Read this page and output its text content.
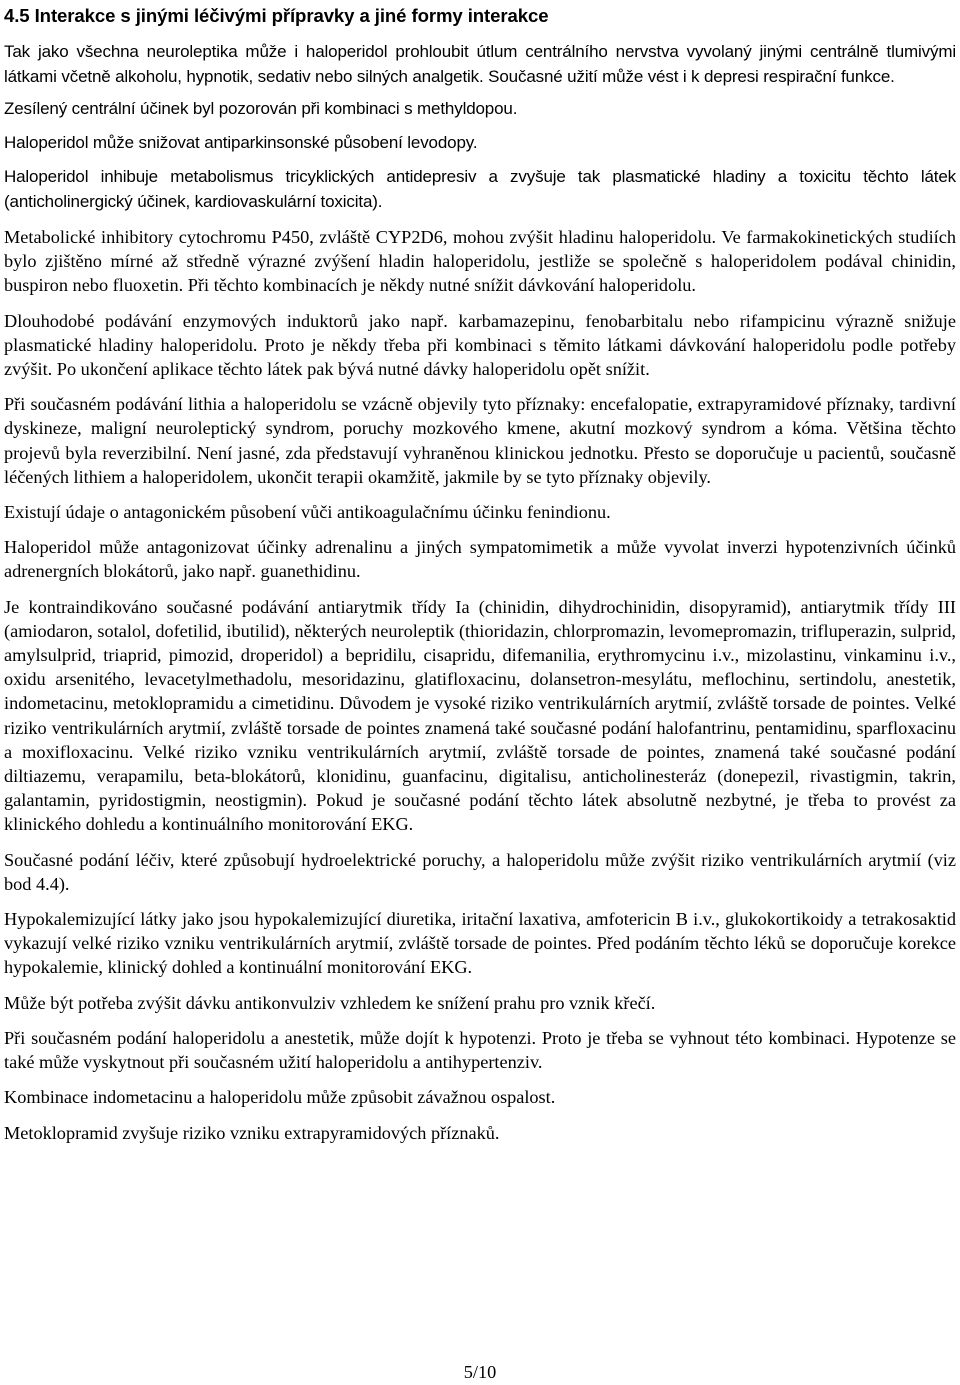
4.5 Interakce s jinými léčivými přípravky a jiné formy interakce

Tak jako všechna neuroleptika může i haloperidol prohloubit útlum centrálního nervstva vyvolaný jinými centrálně tlumivými látkami včetně alkoholu, hypnotik, sedativ nebo silných analgetik. Současné užití může vést i k depresi respirační funkce.

Zesílený centrální účinek byl pozorován při kombinaci s methyldopou.

Haloperidol může snižovat antiparkinsonské působení levodopy.

Haloperidol inhibuje metabolismus tricyklických antidepresiv a zvyšuje tak plasmatické hladiny a toxicitu těchto látek (anticholinergický účinek, kardiovaskulární toxicita).

Metabolické inhibitory cytochromu P450, zvláště CYP2D6, mohou zvýšit hladinu haloperidolu. Ve farmakokinetických studiích bylo zjištěno mírné až středně výrazné zvýšení hladin haloperidolu, jestliže se společně s haloperidolem podával chinidin, buspiron nebo fluoxetin. Při těchto kombinacích je někdy nutné snížit dávkování haloperidolu.

Dlouhodobé podávání enzymových induktorů jako např. karbamazepinu, fenobarbitalu nebo rifampicinu výrazně snižuje plasmatické hladiny haloperidolu. Proto je někdy třeba při kombinaci s těmito látkami dávkování haloperidolu podle potřeby zvýšit. Po ukončení aplikace těchto látek pak bývá nutné dávky haloperidolu opět snížit.

Při současném podávání lithia a haloperidolu se vzácně objevily tyto příznaky: encefalopatie, extrapyramidové příznaky, tardivní dyskineze, maligní neuroleptický syndrom, poruchy mozkového kmene, akutní mozkový syndrom a kóma. Většina těchto projevů byla reverzibilní. Není jasné, zda představují vyhraněnou klinickou jednotku. Přesto se doporučuje u pacientů, současně léčených lithiem a haloperidolem, ukončit terapii okamžitě, jakmile by se tyto příznaky objevily.

Existují údaje o antagonickém působení vůči antikoagulačnímu účinku fenindionu.

Haloperidol může antagonizovat účinky adrenalinu a jiných sympatomimetik a může vyvolat inverzi hypotenzivních účinků adrenergních blokátorů, jako např. guanethidinu.

Je kontraindikováno současné podávání antiarytmik třídy Ia (chinidin, dihydrochinidin, disopyramid), antiarytmik třídy III (amiodaron, sotalol, dofetilid, ibutilid), některých neuroleptik (thioridazin, chlorpromazin, levomepromazin, trifluperazin, sulprid, amylsulprid, triaprid, pimozid, droperidol) a bepridilu, cisapridu, difemanilia, erythromycinu i.v., mizolastinu, vinkaminu i.v., oxidu arsenitého, levacetylmethadolu, mesoridazinu, glatifloxacinu, dolansetron-mesylátu, meflochinu, sertindolu, anestetik, indometacinu, metoklopramidu a cimetidinu. Důvodem je vysoké riziko ventrikulárních arytmií, zvláště torsade de pointes. Velké riziko ventrikulárních arytmií, zvláště torsade de pointes znamená také současné podání halofantrinu, pentamidinu, sparfloxacinu a moxifloxacinu. Velké riziko vzniku ventrikulárních arytmií, zvláště torsade de pointes, znamená také současné podání diltiazemu, verapamilu, beta-blokátorů, klonidinu, guanfacinu, digitalisu, anticholinesteráz (donepezil, rivastigmin, takrin, galantamin, pyridostigmin, neostigmin). Pokud je současné podání těchto látek absolutně nezbytné, je třeba to provést za klinického dohledu a kontinuálního monitorování EKG.

Současné podání léčiv, které způsobují hydroelektrické poruchy, a haloperidolu může zvýšit riziko ventrikulárních arytmií (viz bod 4.4).

Hypokalemizující látky jako jsou hypokalemizující diuretika, iritační laxativa, amfotericin B i.v., glukokortikoidy a tetrakosaktid vykazují velké riziko vzniku ventrikulárních arytmií, zvláště torsade de pointes. Před podáním těchto léků se doporučuje korekce hypokalemie, klinický dohled a kontinuální monitorování EKG.

Může být potřeba zvýšit dávku antikonvulziv vzhledem ke snížení prahu pro vznik křečí.

Při současném podání haloperidolu a anestetik, může dojít k hypotenzi. Proto je třeba se vyhnout této kombinaci. Hypotenze se také může vyskytnout při současném užití haloperidolu a antihypertenziv.

Kombinace indometacinu a haloperidolu může způsobit závažnou ospalost.

Metoklopramid zvyšuje riziko vzniku extrapyramidových příznaků.

5/10
